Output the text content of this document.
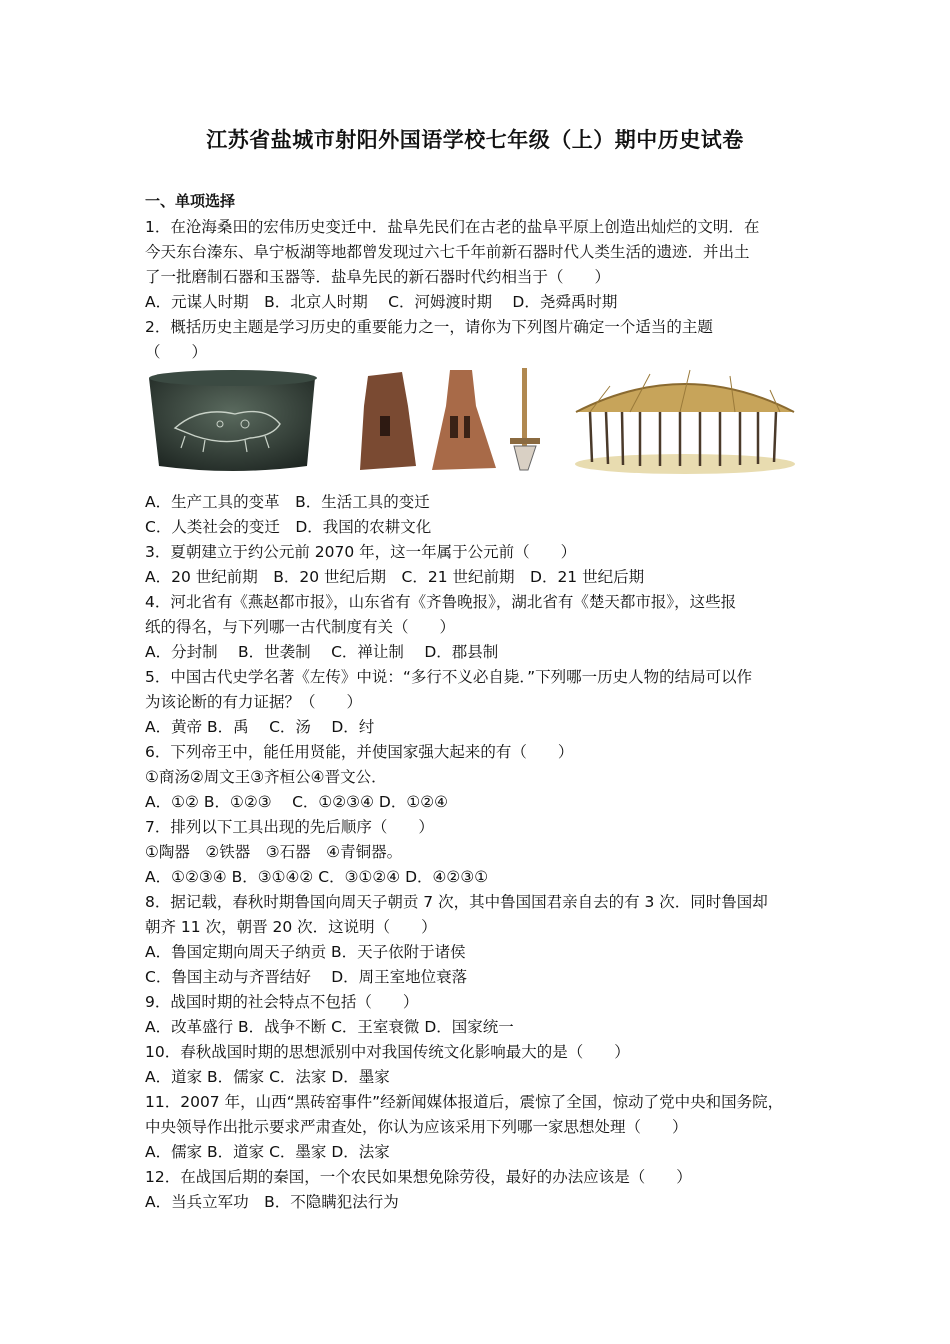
江苏省盐城市射阳外国语学校七年级（上）期中历史试卷
一、单项选择
1．在沧海桑田的宏伟历史变迁中．盐阜先民们在古老的盐阜平原上创造出灿烂的文明．在
今天东台溱东、阜宁板湖等地都曾发现过六七千年前新石器时代人类生活的遗迹．并出土
了一批磨制石器和玉器等．盐阜先民的新石器时代约相当于（　　）
A．元谋人时期　B．北京人时期　 C．河姆渡时期　 D．尧舜禹时期
2．概括历史主题是学习历史的重要能力之一，请你为下列图片确定一个适当的主题
（　　）
A．生产工具的变革　B．生活工具的变迁
C．人类社会的变迁　D．我国的农耕文化
3．夏朝建立于约公元前 2070 年，这一年属于公元前（　　）
A．20 世纪前期　B．20 世纪后期　C．21 世纪前期　D．21 世纪后期
4．河北省有《燕赵都市报》，山东省有《齐鲁晚报》，湖北省有《楚天都市报》，这些报
纸的得名，与下列哪一古代制度有关（　　）
A．分封制　 B．世袭制　 C．禅让制　 D．郡县制
5．中国古代史学名著《左传》中说：“多行不义必自毙．”下列哪一历史人物的结局可以作
为该论断的有力证据？（　　）
A．黄帝 B．禹　 C．汤　 D．纣
6．下列帝王中，能任用贤能，并使国家强大起来的有（　　）
①商汤②周文王③齐桓公④晋文公．
A．①② B．①②③　 C．①②③④ D．①②④
7．排列以下工具出现的先后顺序（　　）
①陶器　②铁器　③石器　④青铜器。
A．①②③④ B．③①④② C．③①②④ D．④②③①
8．据记载，春秋时期鲁国向周天子朝贡 7 次，其中鲁国国君亲自去的有 3 次．同时鲁国却
朝齐 11 次，朝晋 20 次．这说明（　　）
A．鲁国定期向周天子纳贡 B．天子依附于诸侯
C．鲁国主动与齐晋结好　 D．周王室地位衰落
9．战国时期的社会特点不包括（　　）
A．改革盛行 B．战争不断 C．王室衰微 D．国家统一
10．春秋战国时期的思想派别中对我国传统文化影响最大的是（　　）
A．道家 B．儒家 C．法家 D．墨家
11．2007 年，山西“黑砖窑事件”经新闻媒体报道后，震惊了全国，惊动了党中央和国务院，
中央领导作出批示要求严肃查处，你认为应该采用下列哪一家思想处理（　　）
A．儒家 B．道家 C．墨家 D．法家
12．在战国后期的秦国，一个农民如果想免除劳役，最好的办法应该是（　　）
A．当兵立军功　B．不隐瞒犯法行为
